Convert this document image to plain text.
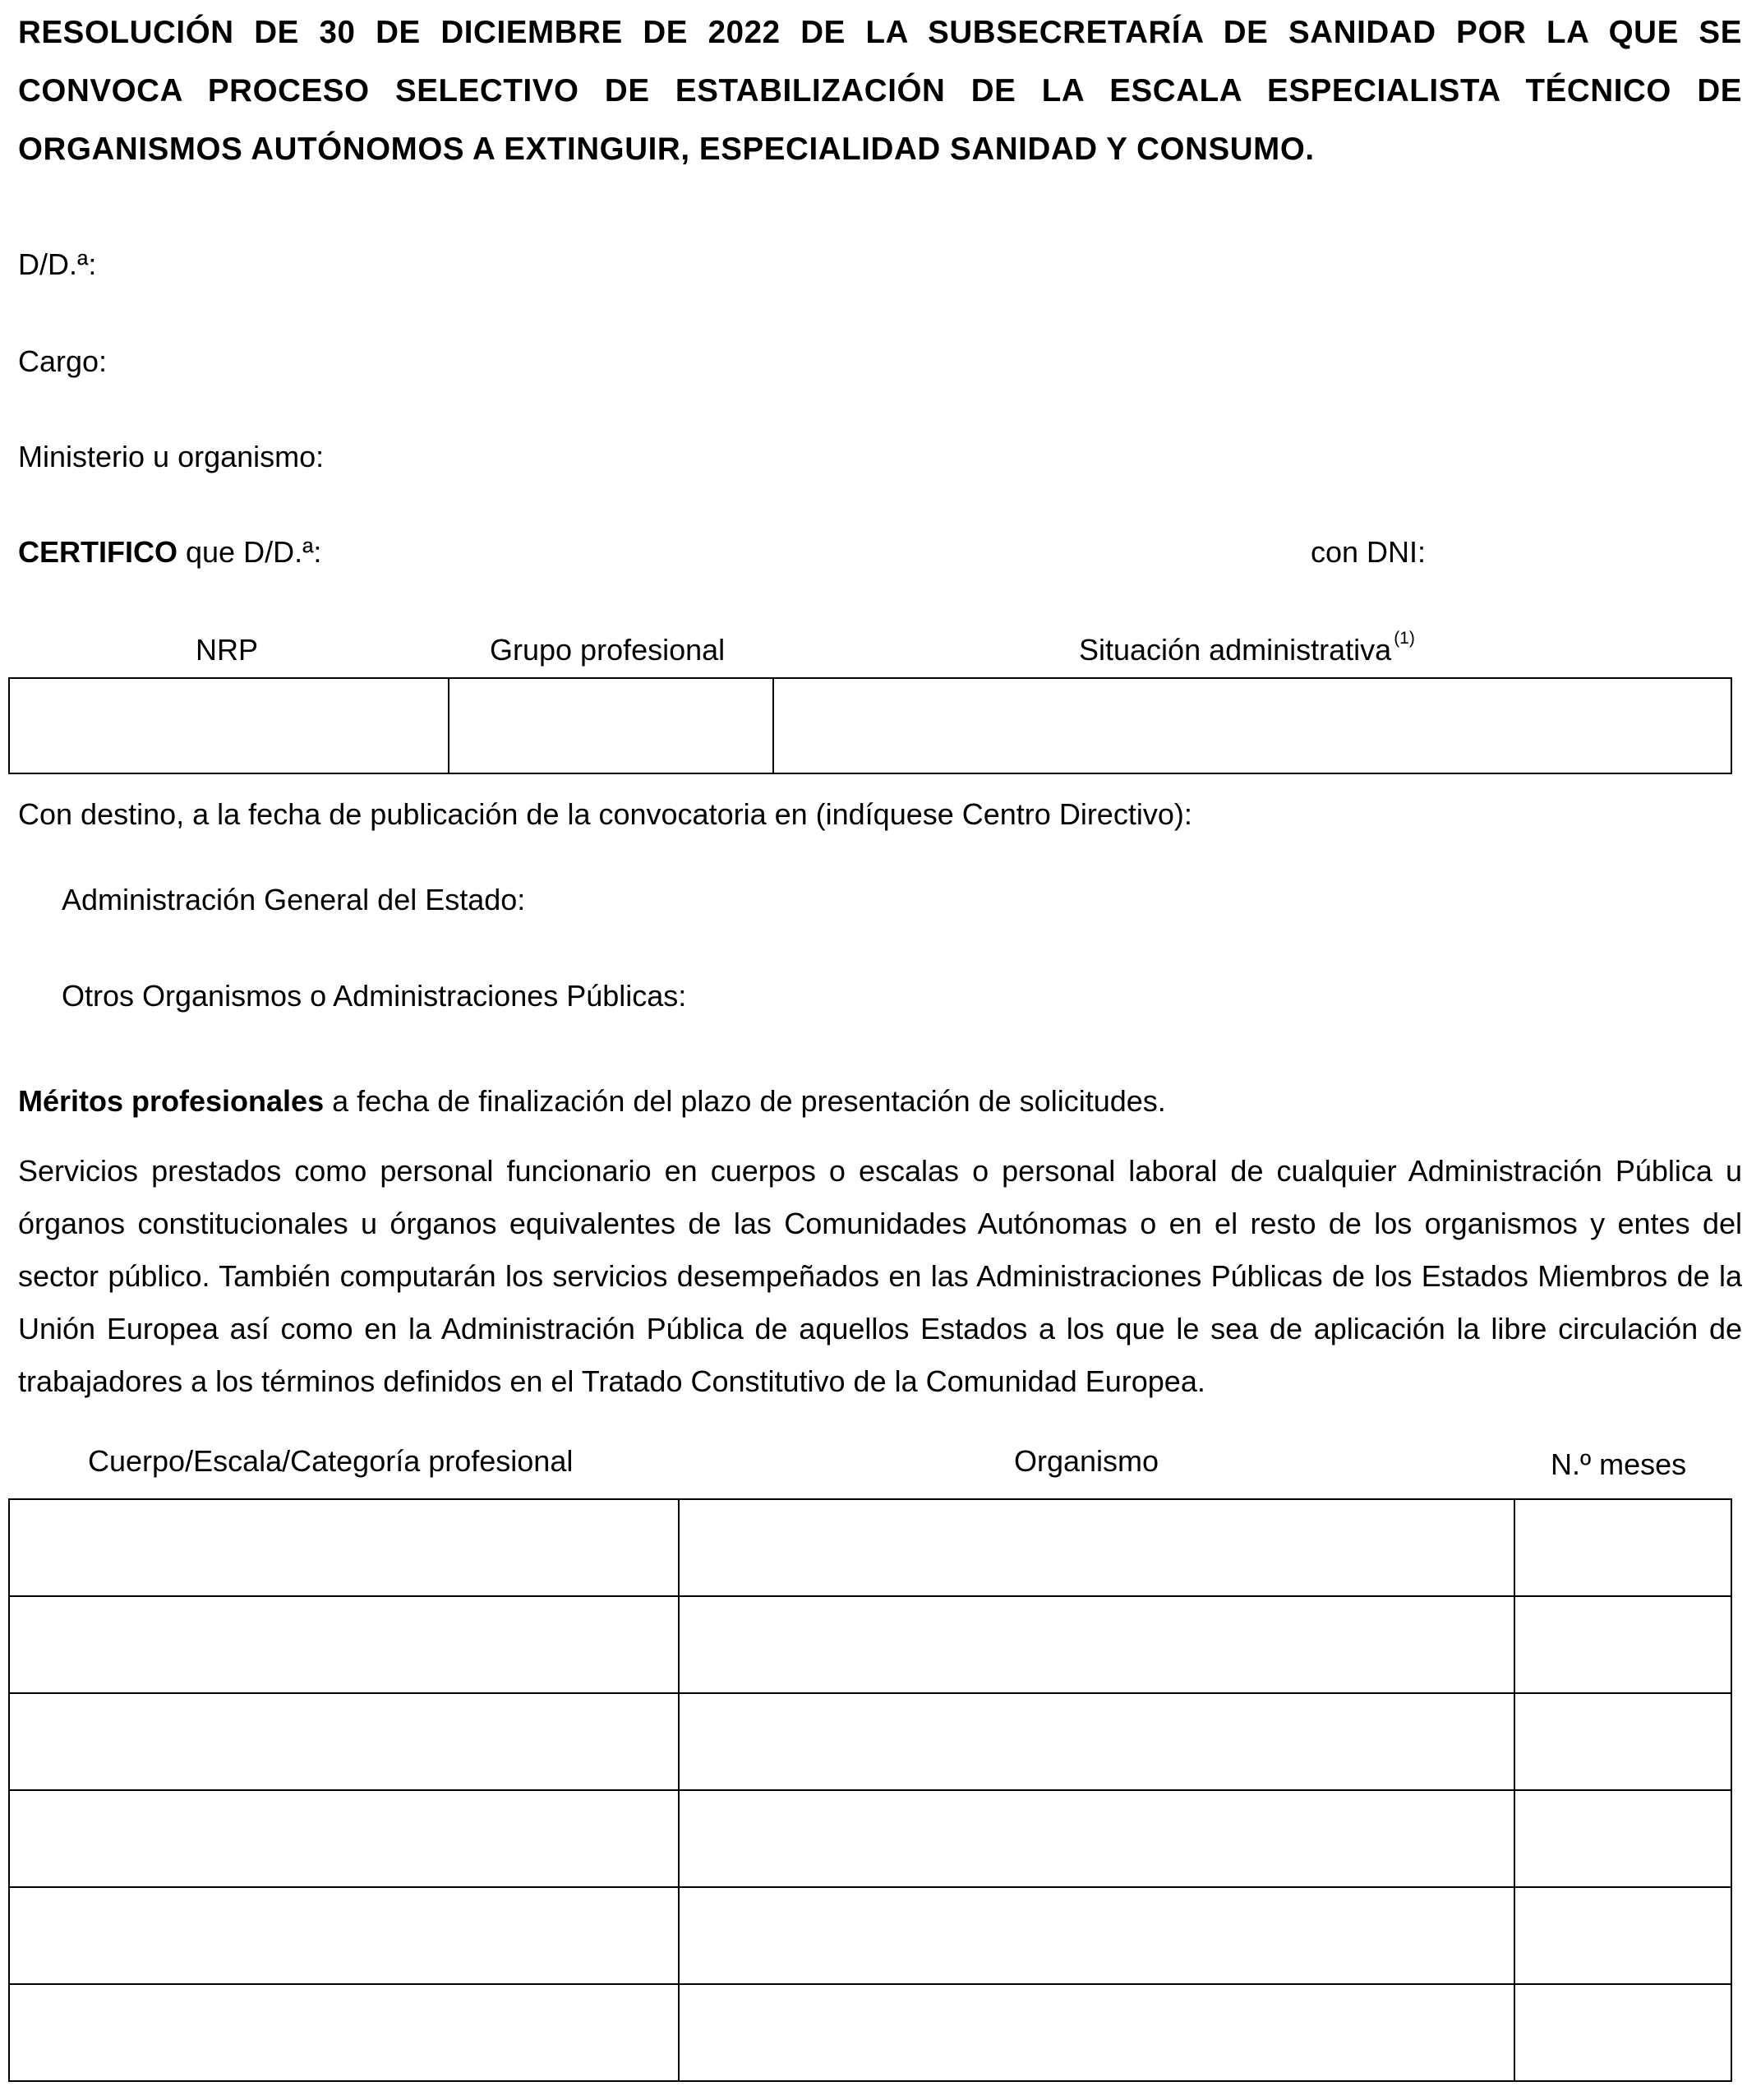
RESOLUCIÓN DE 30 DE DICIEMBRE DE 2022 DE LA SUBSECRETARÍA DE SANIDAD POR LA QUE SE CONVOCA PROCESO SELECTIVO DE ESTABILIZACIÓN DE LA ESCALA ESPECIALISTA TÉCNICO DE ORGANISMOS AUTÓNOMOS A EXTINGUIR, ESPECIALIDAD SANIDAD Y CONSUMO.
D/D.ª:
Cargo:
Ministerio u organismo:
CERTIFICO que D/D.ª:	con DNI:
NRP	Grupo profesional	Situación administrativa $^{(1)}$
Con destino, a la fecha de publicación de la convocatoria en (indíquese Centro Directivo):
Administración General del Estado:
Otros Organismos o Administraciones Públicas:
Méritos profesionales a fecha de finalización del plazo de presentación de solicitudes.
Servicios prestados como personal funcionario en cuerpos o escalas o personal laboral de cualquier Administración Pública u órganos constitucionales u órganos equivalentes de las Comunidades Autónomas o en el resto de los organismos y entes del sector público. También computarán los servicios desempeñados en las Administraciones Públicas de los Estados Miembros de la Unión Europea así como en la Administración Pública de aquellos Estados a los que le sea de aplicación la libre circulación de trabajadores a los términos definidos en el Tratado Constitutivo de la Comunidad Europea.
Cuerpo/Escala/Categoría profesional	Organismo	N.º meses
